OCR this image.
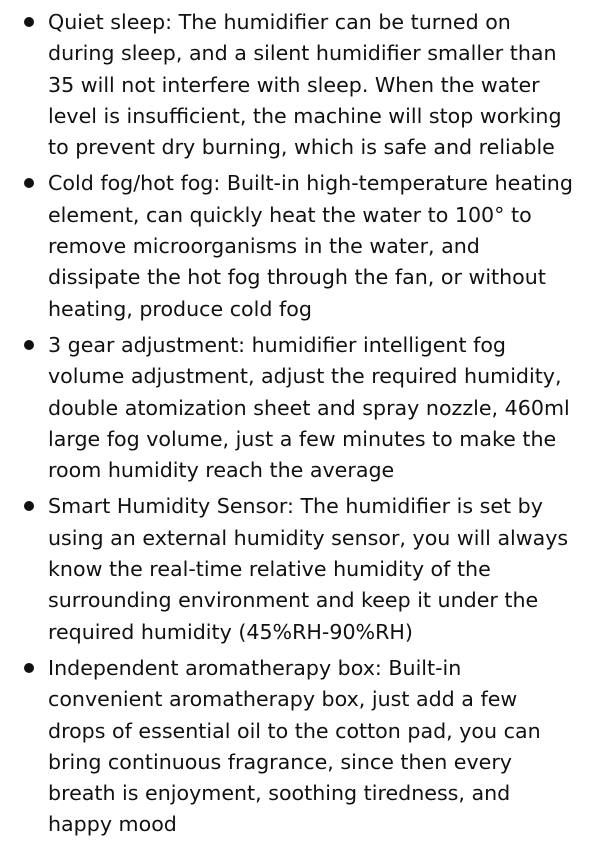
Quiet sleep: The humidifier can be turned on during sleep, and a silent humidifier smaller than 35 will not interfere with sleep. When the water level is insufficient, the machine will stop working to prevent dry burning, which is safe and reliable
Cold fog/hot fog: Built-in high-temperature heating element, can quickly heat the water to 100° to remove microorganisms in the water, and dissipate the hot fog through the fan, or without heating, produce cold fog
3 gear adjustment: humidifier intelligent fog volume adjustment, adjust the required humidity, double atomization sheet and spray nozzle, 460ml large fog volume, just a few minutes to make the room humidity reach the average
Smart Humidity Sensor: The humidifier is set by using an external humidity sensor, you will always know the real-time relative humidity of the surrounding environment and keep it under the required humidity (45%RH-90%RH)
Independent aromatherapy box: Built-in convenient aromatherapy box, just add a few drops of essential oil to the cotton pad, you can bring continuous fragrance, since then every breath is enjoyment, soothing tiredness, and happy mood
